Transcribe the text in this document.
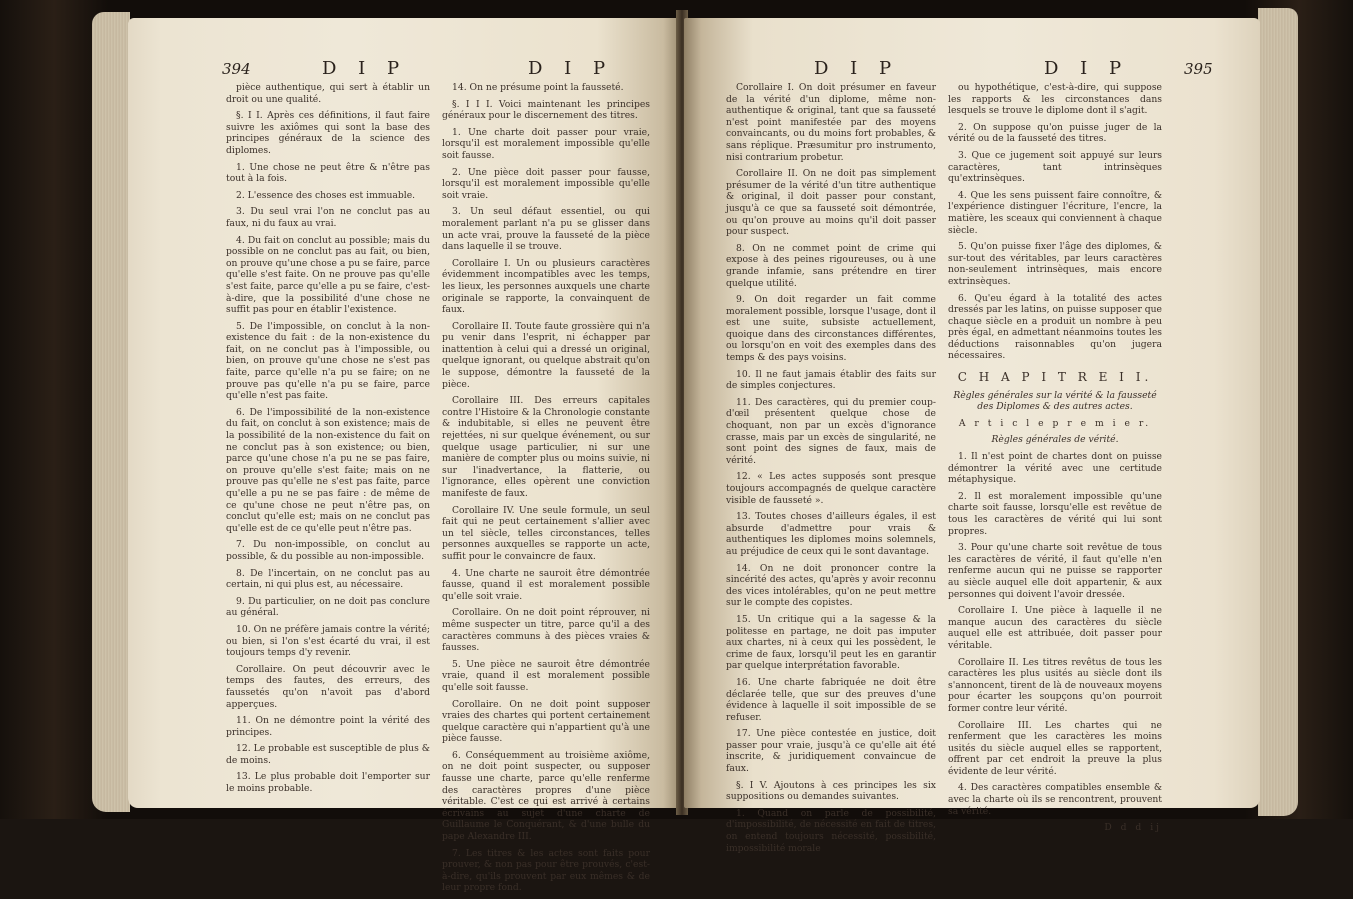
394	D I P	D I P

pièce authentique, qui sert à établir un droit ou une qualité.

§. I I. Après ces définitions, il faut faire suivre les axiômes qui sont la base des principes généraux de la science des diplomes.

1. Une chose ne peut être & n'être pas tout à la fois.

2. L'essence des choses est immuable.

3. Du seul vrai l'on ne conclut pas au faux, ni du faux au vrai.

4. Du fait on conclut au possible; mais du possible on ne conclut pas au fait, ou bien, on prouve qu'une chose a pu se faire, parce qu'elle s'est faite. On ne prouve pas qu'elle s'est faite, parce qu'elle a pu se faire, c'est-à-dire, que la possibilité d'une chose ne suffit pas pour en établir l'existence.

5. De l'impossible, on conclut à la non-existence du fait : de la non-existence du fait, on ne conclut pas à l'impossible, ou bien, on prouve qu'une chose ne s'est pas faite, parce qu'elle n'a pu se faire; on ne prouve pas qu'elle n'a pu se faire, parce qu'elle n'est pas faite.

6. De l'impossibilité de la non-existence du fait, on conclut à son existence; mais de la possibilité de la non-existence du fait on ne conclut pas à son existence; ou bien, parce qu'une chose n'a pu ne se pas faire, on prouve qu'elle s'est faite; mais on ne prouve pas qu'elle ne s'est pas faite, parce qu'elle a pu ne se pas faire : de même de ce qu'une chose ne peut n'être pas, on conclut qu'elle est; mais on ne conclut pas qu'elle est de ce qu'elle peut n'être pas.

7. Du non-impossible, on conclut au possible, & du possible au non-impossible.

8. De l'incertain, on ne conclut pas au certain, ni qui plus est, au nécessaire.

9. Du particulier, on ne doit pas conclure au général.

10. On ne préfère jamais contre la vérité; ou bien, si l'on s'est écarté du vrai, il est toujours temps d'y revenir.

Corollaire. On peut découvrir avec le temps des fautes, des erreurs, des faussetés qu'on n'avoit pas d'abord apperçues.

11. On ne démontre point la vérité des principes.

12. Le probable est susceptible de plus & de moins.

13. Le plus probable doit l'emporter sur le moins probable.

14. On ne présume point la fausseté.

§. I I I. Voici maintenant les principes généraux pour le discernement des titres.

1. Une charte doit passer pour vraie, lorsqu'il est moralement impossible qu'elle soit fausse.

2. Une pièce doit passer pour fausse, lorsqu'il est moralement impossible qu'elle soit vraie.

3. Un seul défaut essentiel, ou qui moralement parlant n'a pu se glisser dans un acte vrai, prouve la fausseté de la pièce dans laquelle il se trouve.

Corollaire I. Un ou plusieurs caractères évidemment incompatibles avec les temps, les lieux, les personnes auxquels une charte originale se rapporte, la convainquent de faux.

Corollaire II. Toute faute grossière qui n'a pu venir dans l'esprit, ni échapper par inattention à celui qui a dressé un original, quelque ignorant, ou quelque abstrait qu'on le suppose, démontre la fausseté de la pièce.

Corollaire III. Des erreurs capitales contre l'Histoire & la Chronologie constante & indubitable, si elles ne peuvent être rejettées, ni sur quelque événement, ou sur quelque usage particulier, ni sur une manière de compter plus ou moins suivie, ni sur l'inadvertance, la flatterie, ou l'ignorance, elles opèrent une conviction manifeste de faux.

Corollaire IV. Une seule formule, un seul fait qui ne peut certainement s'allier avec un tel siècle, telles circonstances, telles personnes auxquelles se rapporte un acte, suffit pour le convaincre de faux.

4. Une charte ne sauroit être démontrée fausse, quand il est moralement possible qu'elle soit vraie.

Corollaire. On ne doit point réprouver, ni même suspecter un titre, parce qu'il a des caractères communs à des pièces vraies & fausses.

5. Une pièce ne sauroit être démontrée vraie, quand il est moralement possible qu'elle soit fausse.

Corollaire. On ne doit point supposer vraies des chartes qui portent certainement quelque caractère qui n'appartient qu'à une pièce fausse.

6. Conséquemment au troisième axiôme, on ne doit point suspecter, ou supposer fausse une charte, parce qu'elle renferme des caractères propres d'une pièce véritable. C'est ce qui est arrivé à certains écrivains au sujet d'une charte de Guillaume le Conquérant, & d'une bulle du pape Alexandre III.

7. Les titres & les actes sont faits pour prouver, & non pas pour être prouvés, c'est-à-dire, qu'ils prouvent par eux mêmes & de leur propre fond.

D I P	D I P	395

Corollaire I. On doit présumer en faveur de la vérité d'un diplome, même non-authentique & original, tant que sa fausseté n'est point manifestée par des moyens convaincants, ou du moins fort probables, & sans réplique. Præsumitur pro instrumento, nisi contrarium probetur.

Corollaire II. On ne doit pas simplement présumer de la vérité d'un titre authentique & original, il doit passer pour constant, jusqu'à ce que sa fausseté soit démontrée, ou qu'on prouve au moins qu'il doit passer pour suspect.

8. On ne commet point de crime qui expose à des peines rigoureuses, ou à une grande infamie, sans prétendre en tirer quelque utilité.

9. On doit regarder un fait comme moralement possible, lorsque l'usage, dont il est une suite, subsiste actuellement, quoique dans des circonstances différentes, ou lorsqu'on en voit des exemples dans des temps & des pays voisins.

10. Il ne faut jamais établir des faits sur de simples conjectures.

11. Des caractères, qui du premier coup-d'œil présentent quelque chose de choquant, non par un excès d'ignorance crasse, mais par un excès de singularité, ne sont point des signes de faux, mais de vérité.

12. « Les actes supposés sont presque toujours accompagnés de quelque caractère visible de fausseté ».

13. Toutes choses d'ailleurs égales, il est absurde d'admettre pour vrais & authentiques les diplomes moins solemnels, au préjudice de ceux qui le sont davantage.

14. On ne doit prononcer contre la sincérité des actes, qu'après y avoir reconnu des vices intolérables, qu'on ne peut mettre sur le compte des copistes.

15. Un critique qui a la sagesse & la politesse en partage, ne doit pas imputer aux chartes, ni à ceux qui les possèdent, le crime de faux, lorsqu'il peut les en garantir par quelque interprétation favorable.

16. Une charte fabriquée ne doit être déclarée telle, que sur des preuves d'une évidence à laquelle il soit impossible de se refuser.

17. Une pièce contestée en justice, doit passer pour vraie, jusqu'à ce qu'elle ait été inscrite, & juridiquement convaincue de faux.

§. I V. Ajoutons à ces principes les six suppositions ou demandes suivantes.

1. Quand on parle de possibilité, d'impossibilité, de nécessité en fait de titres, on entend toujours nécessité, possibilité, impossibilité morale

ou hypothétique, c'est-à-dire, qui suppose les rapports & les circonstances dans lesquels se trouve le diplome dont il s'agit.

2. On suppose qu'on puisse juger de la vérité ou de la fausseté des titres.

3. Que ce jugement soit appuyé sur leurs caractères, tant intrinsèques qu'extrinsèques.

4. Que les sens puissent faire connoître, & l'expérience distinguer l'écriture, l'encre, la matière, les sceaux qui conviennent à chaque siècle.

5. Qu'on puisse fixer l'âge des diplomes, & sur-tout des véritables, par leurs caractères non-seulement intrinsèques, mais encore extrinsèques.

6. Qu'eu égard à la totalité des actes dressés par les latins, on puisse supposer que chaque siècle en a produit un nombre à peu près égal, en admettant néanmoins toutes les déductions raisonnables qu'on jugera nécessaires.

C H A P I T R E I I.

Règles générales sur la vérité & la fausseté des Diplomes & des autres actes.

A r t i c l e p r e m i e r.

Règles générales de vérité.

1. Il n'est point de chartes dont on puisse démontrer la vérité avec une certitude métaphysique.

2. Il est moralement impossible qu'une charte soit fausse, lorsqu'elle est revêtue de tous les caractères de vérité qui lui sont propres.

3. Pour qu'une charte soit revêtue de tous les caractères de vérité, il faut qu'elle n'en renferme aucun qui ne puisse se rapporter au siècle auquel elle doit appartenir, & aux personnes qui doivent l'avoir dressée.

Corollaire I. Une pièce à laquelle il ne manque aucun des caractères du siècle auquel elle est attribuée, doit passer pour véritable.

Corollaire II. Les titres revêtus de tous les caractères les plus usités au siècle dont ils s'annoncent, tirent de là de nouveaux moyens pour écarter les soupçons qu'on pourroit former contre leur vérité.

Corollaire III. Les chartes qui ne renferment que les caractères les moins usités du siècle auquel elles se rapportent, offrent par cet endroit la preuve la plus évidente de leur vérité.

4. Des caractères compatibles ensemble & avec la charte où ils se rencontrent, prouvent sa vérité.

D d d ij
